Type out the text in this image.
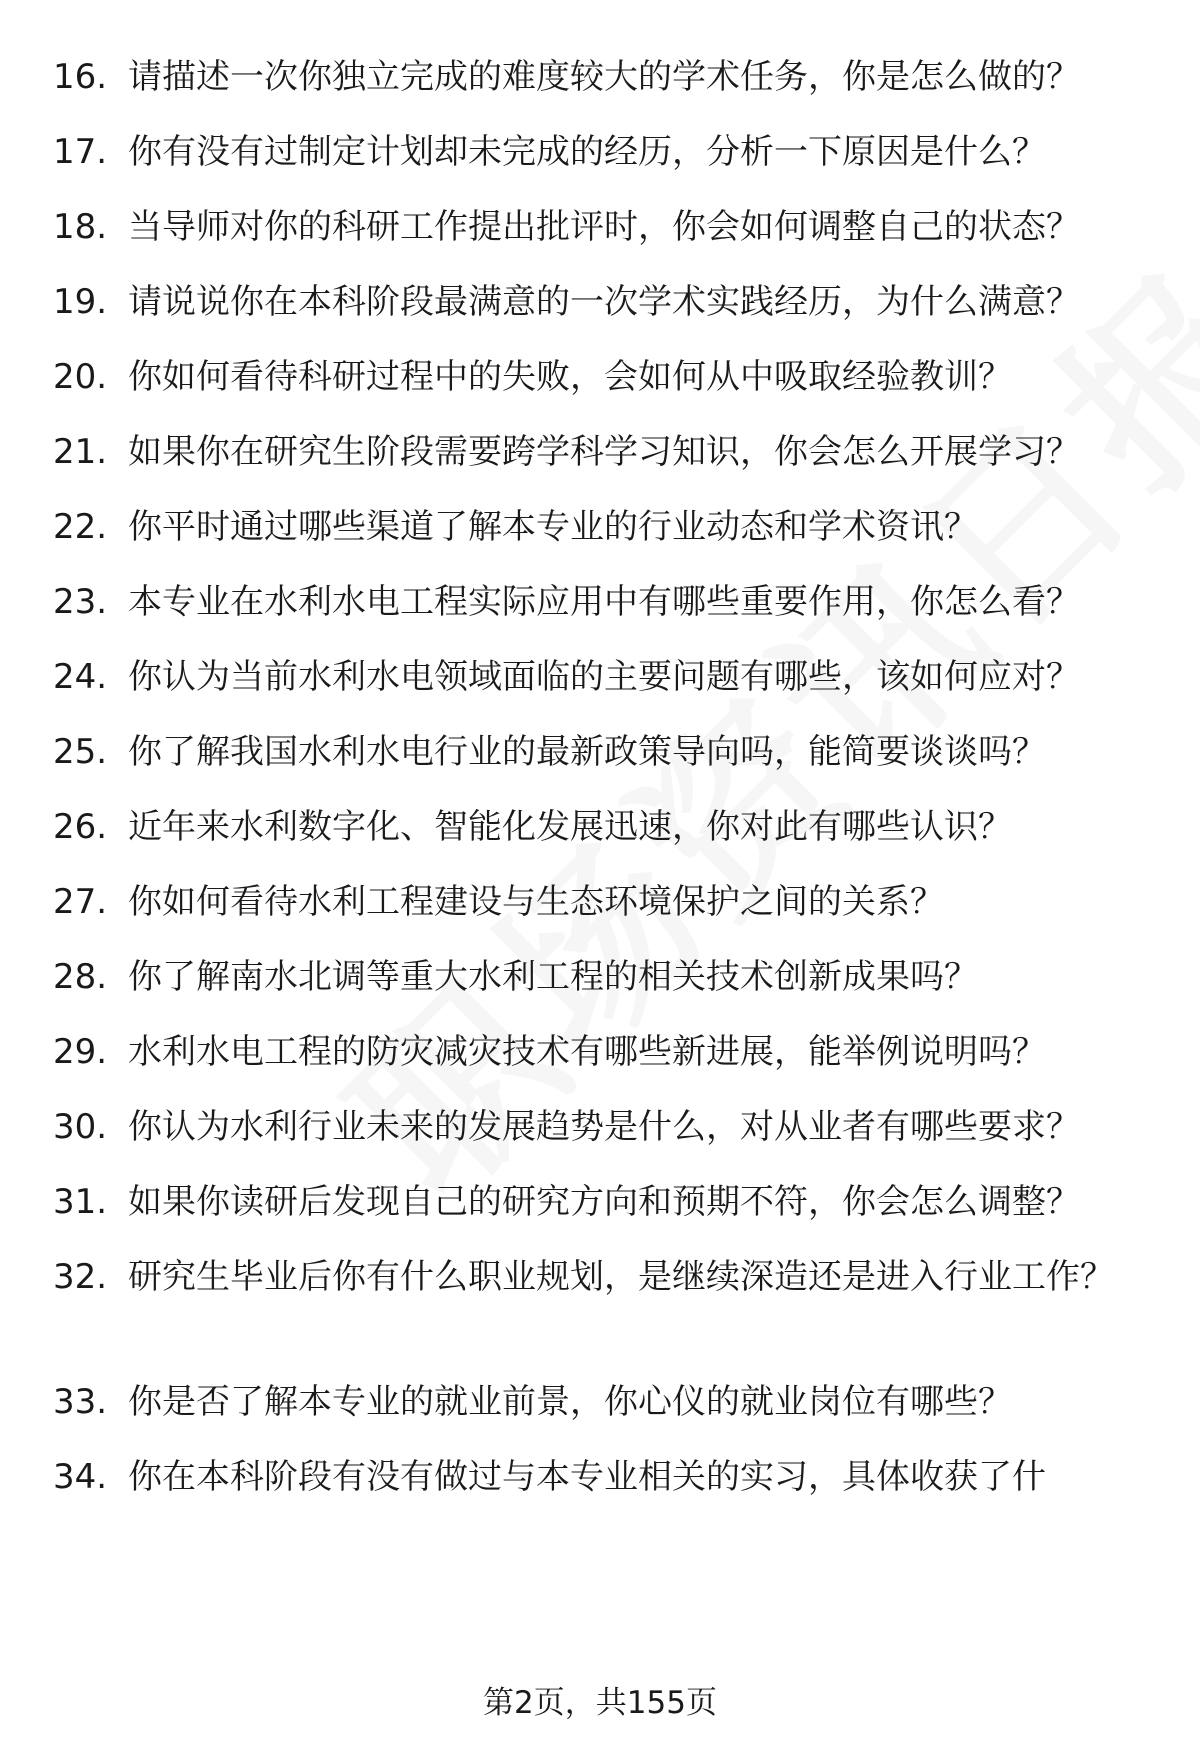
16. 请描述一次你独立完成的难度较大的学术任务，你是怎么做的？
17. 你有没有过制定计划却未完成的经历，分析一下原因是什么？
18. 当导师对你的科研工作提出批评时，你会如何调整自己的状态？
19. 请说说你在本科阶段最满意的一次学术实践经历，为什么满意？
20. 你如何看待科研过程中的失败，会如何从中吸取经验教训？
21. 如果你在研究生阶段需要跨学科学习知识，你会怎么开展学习？
22. 你平时通过哪些渠道了解本专业的行业动态和学术资讯？
23. 本专业在水利水电工程实际应用中有哪些重要作用，你怎么看？
24. 你认为当前水利水电领域面临的主要问题有哪些，该如何应对？
25. 你了解我国水利水电行业的最新政策导向吗，能简要谈谈吗？
26. 近年来水利数字化、智能化发展迅速，你对此有哪些认识？
27. 你如何看待水利工程建设与生态环境保护之间的关系？
28. 你了解南水北调等重大水利工程的相关技术创新成果吗？
29. 水利水电工程的防灾减灾技术有哪些新进展，能举例说明吗？
30. 你认为水利行业未来的发展趋势是什么，对从业者有哪些要求？
31. 如果你读研后发现自己的研究方向和预期不符，你会怎么调整？
32. 研究生毕业后你有什么职业规划，是继续深造还是进入行业工作？
33. 你是否了解本专业的就业前景，你心仪的就业岗位有哪些？
34. 你在本科阶段有没有做过与本专业相关的实习，具体收获了什
第2页，共155页
